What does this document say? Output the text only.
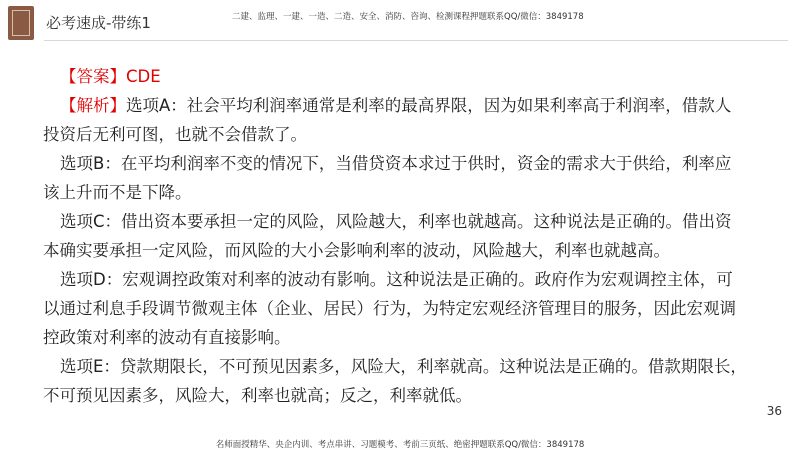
必考速成-带练1	二建、监理、一建、一造、二造、安全、消防、咨询、检测课程押题联系QQ/微信：3849178

【答案】CDE

【解析】选项A：社会平均利润率通常是利率的最高界限，因为如果利率高于利润率，借款人

投资后无利可图，也就不会借款了。

选项B：在平均利润率不变的情况下，当借贷资本求过于供时，资金的需求大于供给，利率应

该上升而不是下降。

选项C：借出资本要承担一定的风险，风险越大，利率也就越高。这种说法是正确的。借出资

本确实要承担一定风险，而风险的大小会影响利率的波动，风险越大，利率也就越高。

选项D：宏观调控政策对利率的波动有影响。这种说法是正确的。政府作为宏观调控主体，可

以通过利息手段调节微观主体（企业、居民）行为，为特定宏观经济管理目的服务，因此宏观调

控政策对利率的波动有直接影响。

选项E：贷款期限长，不可预见因素多，风险大，利率就高。这种说法是正确的。借款期限长，

不可预见因素多，风险大，利率也就高；反之，利率就低。

36
名师面授精华、央企内训、考点串讲、习题模考、考前三页纸、绝密押题联系QQ/微信：3849178
